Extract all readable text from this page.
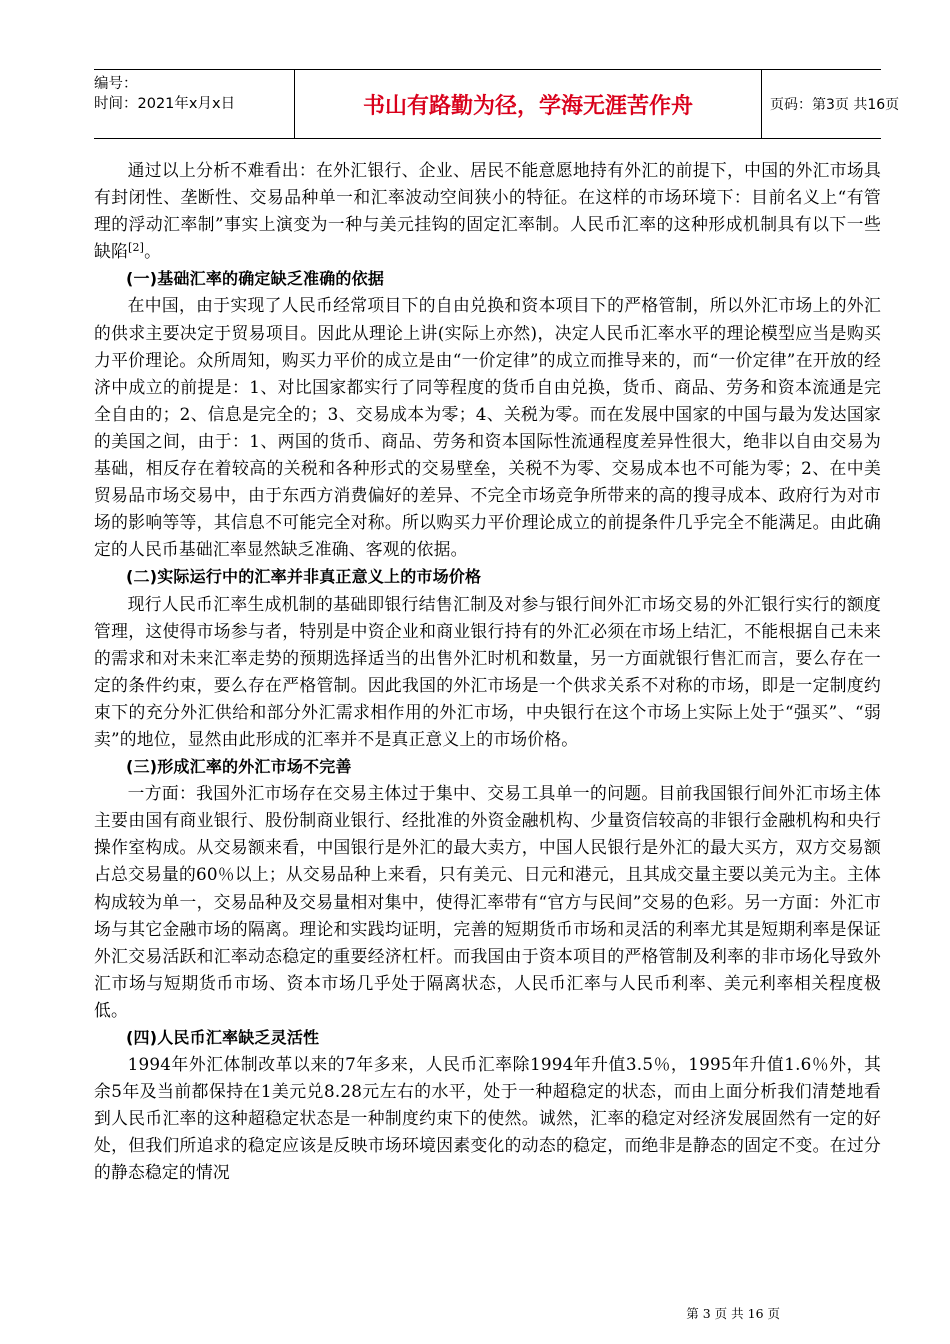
编号：
时间：2021年x月x日	书山有路勤为径，学海无涯苦作舟	页码：第3页 共16页

通过以上分析不难看出：在外汇银行、企业、居民不能意愿地持有外汇的前提下，中国的外汇市场具有封闭性、垄断性、交易品种单一和汇率波动空间狭小的特征。在这样的市场环境下：目前名义上“有管理的浮动汇率制”事实上演变为一种与美元挂钩的固定汇率制。人民币汇率的这种形成机制具有以下一些缺陷[2]。

(一)基础汇率的确定缺乏准确的依据

在中国，由于实现了人民币经常项目下的自由兑换和资本项目下的严格管制，所以外汇市场上的外汇的供求主要决定于贸易项目。因此从理论上讲(实际上亦然)，决定人民币汇率水平的理论模型应当是购买力平价理论。众所周知，购买力平价的成立是由“一价定律”的成立而推导来的，而“一价定律”在开放的经济中成立的前提是：1、对比国家都实行了同等程度的货币自由兑换，货币、商品、劳务和资本流通是完全自由的；2、信息是完全的；3、交易成本为零；4、关税为零。而在发展中国家的中国与最为发达国家的美国之间，由于：1、两国的货币、商品、劳务和资本国际性流通程度差异性很大，绝非以自由交易为基础，相反存在着较高的关税和各种形式的交易壁垒，关税不为零、交易成本也不可能为零；2、在中美贸易品市场交易中，由于东西方消费偏好的差异、不完全市场竞争所带来的高的搜寻成本、政府行为对市场的影响等等，其信息不可能完全对称。所以购买力平价理论成立的前提条件几乎完全不能满足。由此确定的人民币基础汇率显然缺乏准确、客观的依据。

(二)实际运行中的汇率并非真正意义上的市场价格

现行人民币汇率生成机制的基础即银行结售汇制及对参与银行间外汇市场交易的外汇银行实行的额度管理，这使得市场参与者，特别是中资企业和商业银行持有的外汇必须在市场上结汇，不能根据自己未来的需求和对未来汇率走势的预期选择适当的出售外汇时机和数量，另一方面就银行售汇而言，要么存在一定的条件约束，要么存在严格管制。因此我国的外汇市场是一个供求关系不对称的市场，即是一定制度约束下的充分外汇供给和部分外汇需求相作用的外汇市场，中央银行在这个市场上实际上处于“强买”、“弱卖”的地位，显然由此形成的汇率并不是真正意义上的市场价格。

(三)形成汇率的外汇市场不完善

一方面：我国外汇市场存在交易主体过于集中、交易工具单一的问题。目前我国银行间外汇市场主体主要由国有商业银行、股份制商业银行、经批准的外资金融机构、少量资信较高的非银行金融机构和央行操作室构成。从交易额来看，中国银行是外汇的最大卖方，中国人民银行是外汇的最大买方，双方交易额占总交易量的60％以上；从交易品种上来看，只有美元、日元和港元，且其成交量主要以美元为主。主体构成较为单一，交易品种及交易量相对集中，使得汇率带有“官方与民间”交易的色彩。另一方面：外汇市场与其它金融市场的隔离。理论和实践均证明，完善的短期货币市场和灵活的利率尤其是短期利率是保证外汇交易活跃和汇率动态稳定的重要经济杠杆。而我国由于资本项目的严格管制及利率的非市场化导致外汇市场与短期货币市场、资本市场几乎处于隔离状态，人民币汇率与人民币利率、美元利率相关程度极低。

(四)人民币汇率缺乏灵活性

1994年外汇体制改革以来的7年多来，人民币汇率除1994年升值3.5％，1995年升值1.6％外，其余5年及当前都保持在1美元兑8.28元左右的水平，处于一种超稳定的状态，而由上面分析我们清楚地看到人民币汇率的这种超稳定状态是一种制度约束下的使然。诚然，汇率的稳定对经济发展固然有一定的好处，但我们所追求的稳定应该是反映市场环境因素变化的动态的稳定，而绝非是静态的固定不变。在过分的静态稳定的情况

第 3 页 共 16 页
